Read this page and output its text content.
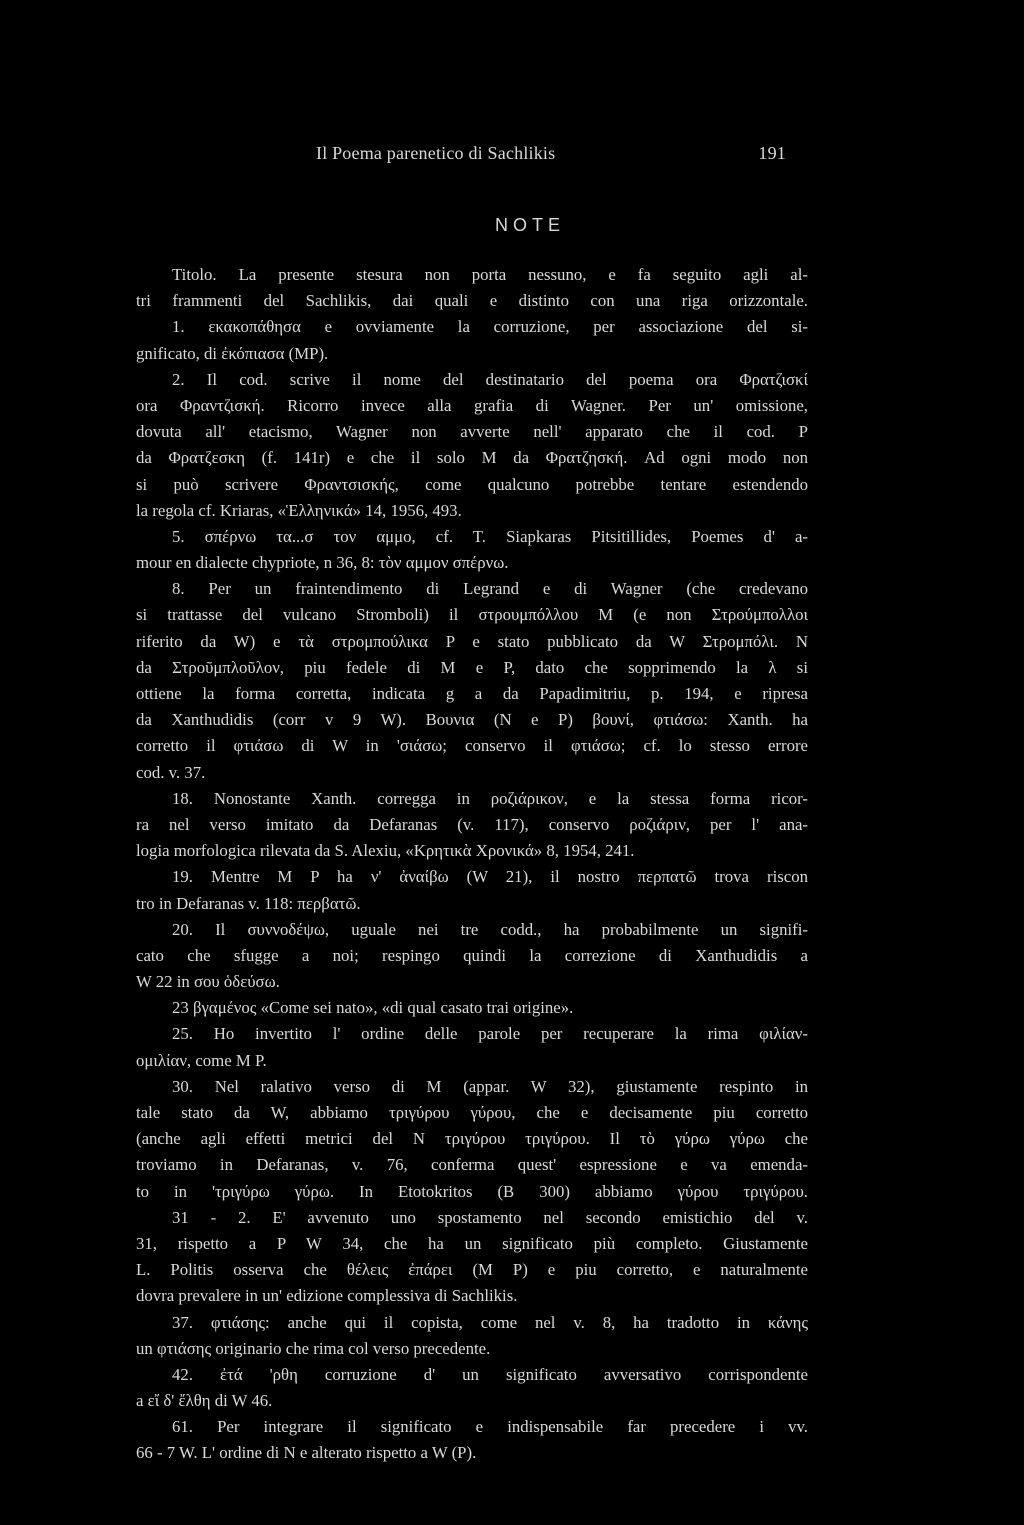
Il Poema parenetico di Sachlikis	191
NOTE
Titolo. La presente stesura non porta nessuno, e fa seguito agli al-
tri frammenti del Sachlikis, dai quali e distinto con una riga orizzontale.
1. εκακοπάθησα e ovviamente la corruzione, per associazione del si-
gnificato, di ἐκόπιασα (MP).
2. Il cod. scrive il nome del destinatario del poema ora Φρατζισκί
ora Φραντζισκή. Ricorro invece alla grafia di Wagner. Per un' omissione,
dovuta all' etacismo, Wagner non avverte nell' apparato che il cod. P
da Φρατζεσκη (f. 141r) e che il solo M da Φρατζησκή. Ad ogni modo non
si può scrivere Φραντσισκής, come qualcuno potrebbe tentare estendendo
la regola cf. Kriaras, «Ἑλληνικά» 14, 1956, 493.
5. σπέρνω τα...σ τον αμμο, cf. T. Siapkaras Pitsitillides, Poemes d' a-
mour en dialecte chypriote, n 36, 8: τὸν αμμον σπέρνω.
8. Per un fraintendimento di Legrand e di Wagner (che credevano
si trattasse del vulcano Stromboli) il στρουμπόλλου M (e non Στρούμπολλοι
riferito da W) e τὰ στρομπούλικα P e stato pubblicato da W Στρομπόλι. N
da Στροῦμπλοῦλον, piu fedele di M e P, dato che sopprimendo la λ si
ottiene la forma corretta, indicata g a da Papadimitriu, p. 194, e ripresa
da Xanthudidis (corr v 9 W). Βουνια (N e P) βουνί, φτιάσω: Xanth. ha
corretto il φτιάσω di W in 'σιάσω; conservo il φτιάσω; cf. lo stesso errore
cod. v. 37.
18. Nonostante Xanth. corregga in ροζιάρικον, e la stessa forma ricor-
ra nel verso imitato da Defaranas (v. 117), conservo ροζιάριν, per l' ana-
logia morfologica rilevata da S. Alexiu, «Κρητικὰ Χρονικά» 8, 1954, 241.
19. Mentre M P ha ν' ἀναίβω (W 21), il nostro περπατῶ trova riscon
tro in Defaranas v. 118: περβατῶ.
20. Il συννοδέψω, uguale nei tre codd., ha probabilmente un signifi-
cato che sfugge a noi; respingo quindi la correzione di Xanthudidis a
W 22 in σου ὁδεύσω.
23 βγαμένος «Come sei nato», «di qual casato trai origine».
25. Ho invertito l' ordine delle parole per recuperare la rima φιλίαν-
ομιλίαν, come M P.
30. Nel ralativo verso di M (appar. W 32), giustamente respinto in
tale stato da W, abbiamo τριγύρου γύρου, che e decisamente piu corretto
(anche agli effetti metrici del N τριγύρου τριγύρου. Il τὸ γύρω γύρω che
troviamo in Defaranas, v. 76, conferma quest' espressione e va emenda-
to in 'τριγύρω γύρω. In Etotokritos (B 300) abbiamo γύρου τριγύρου.
31 - 2. E' avvenuto uno spostamento nel secondo emistichio del v.
31, rispetto a P W 34, che ha un significato più completo. Giustamente
L. Politis osserva che θέλεις ἐπάρει (M P) e piu corretto, e naturalmente
dovra prevalere in un' edizione complessiva di Sachlikis.
37. φτιάσης: anche qui il copista, come nel v. 8, ha tradotto in κάνης
un φτιάσης originario che rima col verso precedente.
42. ἐτά 'ρθη corruzione d' un significato avversativo corrispondente
a εἴ δ' ἔλθη di W 46.
61. Per integrare il significato e indispensabile far precedere i vv.
66 - 7 W. L' ordine di N e alterato rispetto a W (P).
